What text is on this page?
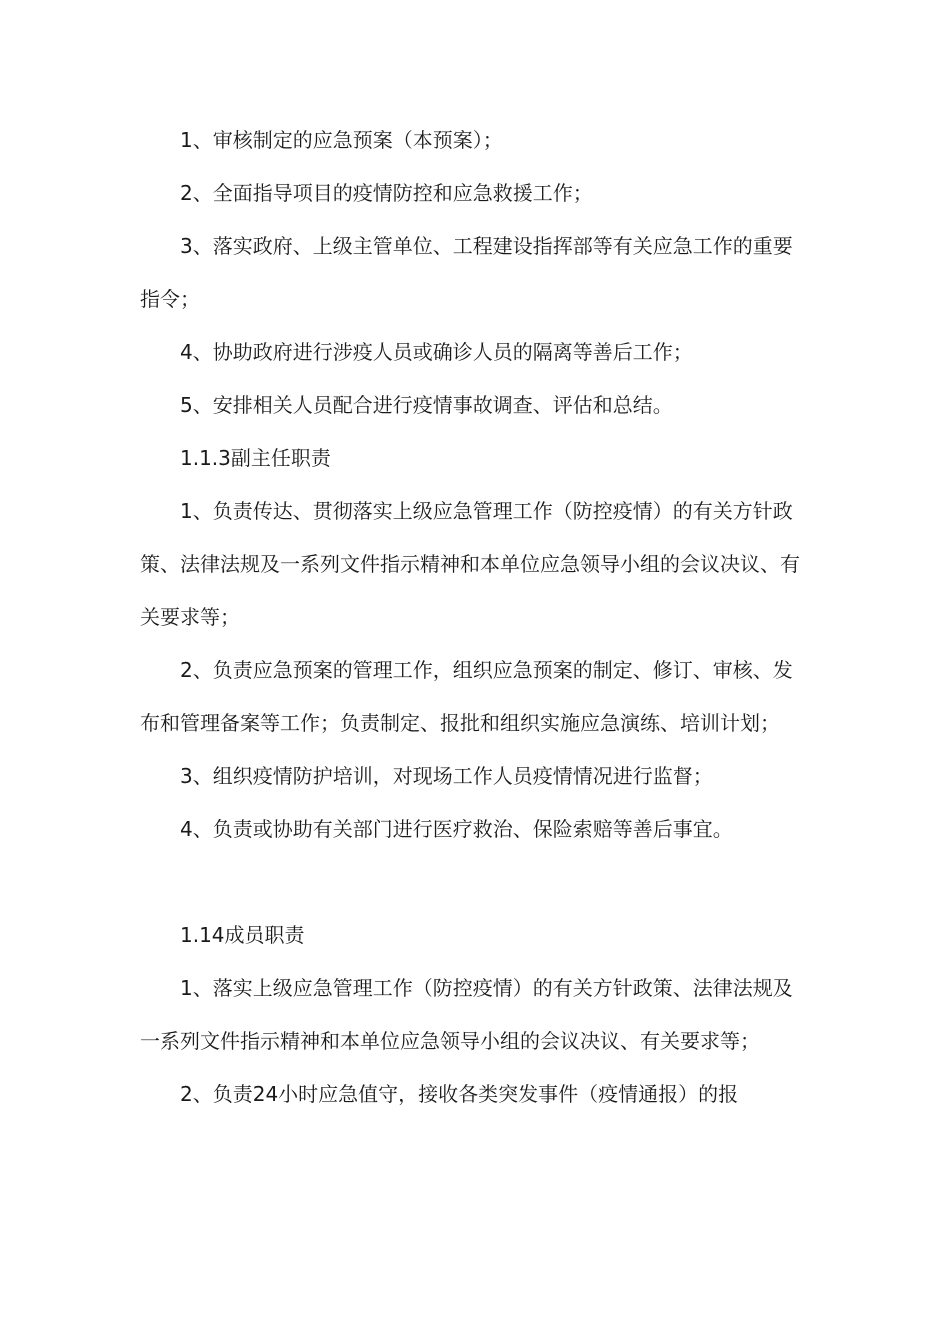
1、审核制定的应急预案（本预案）；

2、全面指导项目的疫情防控和应急救援工作；

3、落实政府、上级主管单位、工程建设指挥部等有关应急工作的重要指令；

4、协助政府进行涉疫人员或确诊人员的隔离等善后工作；

5、安排相关人员配合进行疫情事故调查、评估和总结。

1.1.3副主任职责

1、负责传达、贯彻落实上级应急管理工作（防控疫情）的有关方针政策、法律法规及一系列文件指示精神和本单位应急领导小组的会议决议、有关要求等；

2、负责应急预案的管理工作，组织应急预案的制定、修订、审核、发布和管理备案等工作；负责制定、报批和组织实施应急演练、培训计划；

3、组织疫情防护培训，对现场工作人员疫情情况进行监督；

4、负责或协助有关部门进行医疗救治、保险索赔等善后事宜。

1.14成员职责

1、落实上级应急管理工作（防控疫情）的有关方针政策、法律法规及一系列文件指示精神和本单位应急领导小组的会议决议、有关要求等；

2、负责24小时应急值守，接收各类突发事件（疫情通报）的报
